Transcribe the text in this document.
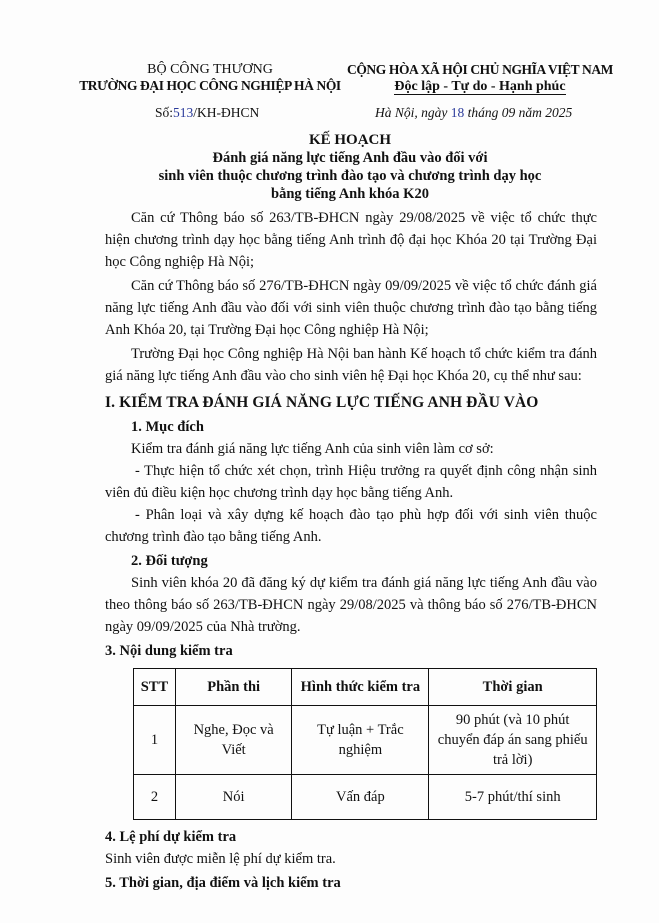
BỘ CÔNG THƯƠNG
TRƯỜNG ĐẠI HỌC CÔNG NGHIỆP HÀ NỘI
CỘNG HÒA XÃ HỘI CHỦ NGHĨA VIỆT NAM
Độc lập - Tự do - Hạnh phúc
Số:513/KH-ĐHCN	Hà Nội, ngày 18 tháng 09 năm 2025
KẾ HOẠCH
Đánh giá năng lực tiếng Anh đầu vào đối với
sinh viên thuộc chương trình đào tạo và chương trình dạy học
bằng tiếng Anh khóa K20

Căn cứ Thông báo số 263/TB-ĐHCN ngày 29/08/2025 về việc tổ chức thực hiện chương trình dạy học bằng tiếng Anh trình độ đại học Khóa 20 tại Trường Đại học Công nghiệp Hà Nội;

Căn cứ Thông báo số 276/TB-ĐHCN ngày 09/09/2025 về việc tổ chức đánh giá năng lực tiếng Anh đầu vào đối với sinh viên thuộc chương trình đào tạo bằng tiếng Anh Khóa 20, tại Trường Đại học Công nghiệp Hà Nội;

Trường Đại học Công nghiệp Hà Nội ban hành Kế hoạch tổ chức kiểm tra đánh giá năng lực tiếng Anh đầu vào cho sinh viên hệ Đại học Khóa 20, cụ thể như sau:

I. KIỂM TRA ĐÁNH GIÁ NĂNG LỰC TIẾNG ANH ĐẦU VÀO
1. Mục đích

Kiểm tra đánh giá năng lực tiếng Anh của sinh viên làm cơ sở:

- Thực hiện tổ chức xét chọn, trình Hiệu trưởng ra quyết định công nhận sinh viên đủ điều kiện học chương trình dạy học bằng tiếng Anh.

- Phân loại và xây dựng kế hoạch đào tạo phù hợp đối với sinh viên thuộc chương trình đào tạo bằng tiếng Anh.

2. Đối tượng

Sinh viên khóa 20 đã đăng ký dự kiểm tra đánh giá năng lực tiếng Anh đầu vào theo thông báo số 263/TB-ĐHCN ngày 29/08/2025 và thông báo số 276/TB-ĐHCN ngày 09/09/2025 của Nhà trường.

3. Nội dung kiểm tra
STT	Phần thi	Hình thức kiểm tra	Thời gian
1	Nghe, Đọc và Viết	Tự luận + Trắc nghiệm	90 phút (và 10 phút chuyển đáp án sang phiếu trả lời)
2	Nói	Vấn đáp	5-7 phút/thí sinh
4. Lệ phí dự kiểm tra

Sinh viên được miễn lệ phí dự kiểm tra.

5. Thời gian, địa điểm và lịch kiểm tra
